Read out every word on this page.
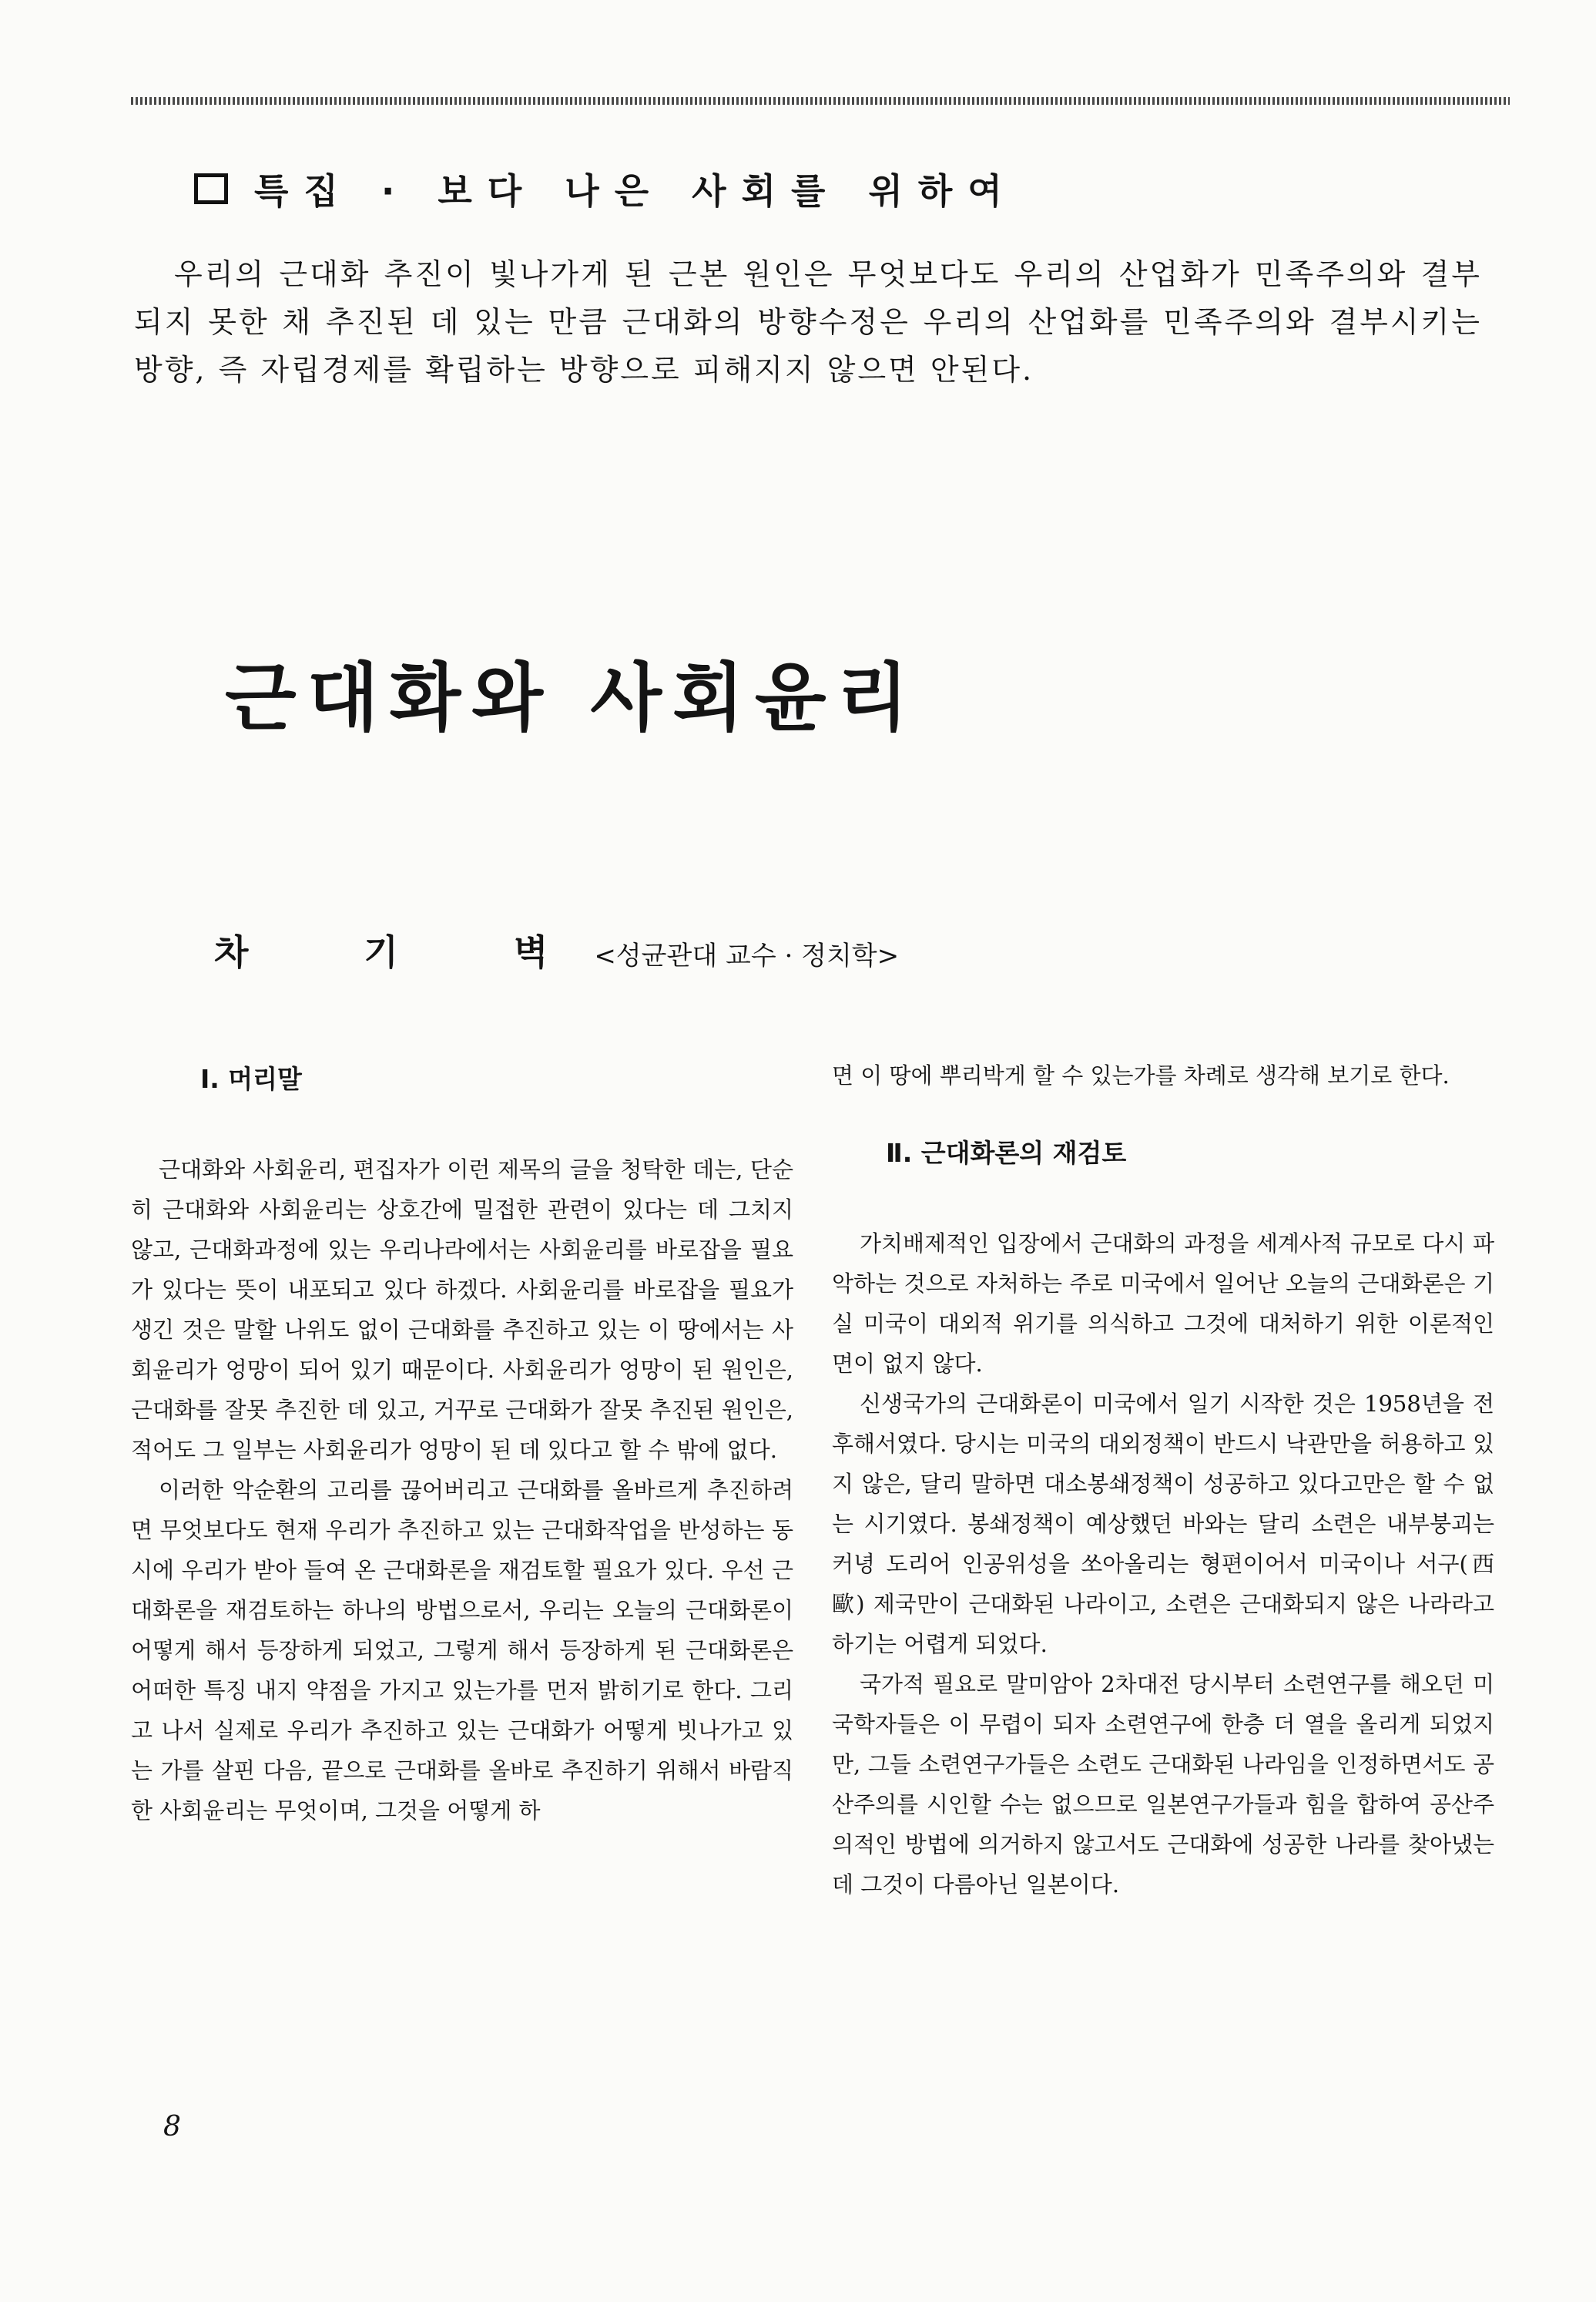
특집 · 보다 나은 사회를 위하여
우리의 근대화 추진이 빛나가게 된 근본 원인은 무엇보다도 우리의 산업화가 민족주의와 결부되지 못한 채 추진된 데 있는 만큼 근대화의 방향수정은 우리의 산업화를 민족주의와 결부시키는 방향, 즉 자립경제를 확립하는 방향으로 피해지지 않으면 안된다.
근대화와 사회윤리
차기벽
<성균관대 교수 · 정치학>
Ⅰ. 머리말

근대화와 사회윤리, 편집자가 이런 제목의 글을 청탁한 데는, 단순히 근대화와 사회윤리는 상호간에 밀접한 관련이 있다는 데 그치지 않고, 근대화과정에 있는 우리나라에서는 사회윤리를 바로잡을 필요가 있다는 뜻이 내포되고 있다 하겠다. 사회윤리를 바로잡을 필요가 생긴 것은 말할 나위도 없이 근대화를 추진하고 있는 이 땅에서는 사회윤리가 엉망이 되어 있기 때문이다. 사회윤리가 엉망이 된 원인은, 근대화를 잘못 추진한 데 있고, 거꾸로 근대화가 잘못 추진된 원인은, 적어도 그 일부는 사회윤리가 엉망이 된 데 있다고 할 수 밖에 없다.

이러한 악순환의 고리를 끊어버리고 근대화를 올바르게 추진하려면 무엇보다도 현재 우리가 추진하고 있는 근대화작업을 반성하는 동시에 우리가 받아 들여 온 근대화론을 재검토할 필요가 있다. 우선 근대화론을 재검토하는 하나의 방법으로서, 우리는 오늘의 근대화론이 어떻게 해서 등장하게 되었고, 그렇게 해서 등장하게 된 근대화론은 어떠한 특징 내지 약점을 가지고 있는가를 먼저 밝히기로 한다. 그리고 나서 실제로 우리가 추진하고 있는 근대화가 어떻게 빗나가고 있는 가를 살핀 다음, 끝으로 근대화를 올바로 추진하기 위해서 바람직한 사회윤리는 무엇이며, 그것을 어떻게 하

면 이 땅에 뿌리박게 할 수 있는가를 차례로 생각해 보기로 한다.

Ⅱ. 근대화론의 재검토

가치배제적인 입장에서 근대화의 과정을 세계사적 규모로 다시 파악하는 것으로 자처하는 주로 미국에서 일어난 오늘의 근대화론은 기실 미국이 대외적 위기를 의식하고 그것에 대처하기 위한 이론적인 면이 없지 않다.

신생국가의 근대화론이 미국에서 일기 시작한 것은 1958년을 전후해서였다. 당시는 미국의 대외정책이 반드시 낙관만을 허용하고 있지 않은, 달리 말하면 대소봉쇄정책이 성공하고 있다고만은 할 수 없는 시기였다. 봉쇄정책이 예상했던 바와는 달리 소련은 내부붕괴는 커녕 도리어 인공위성을 쏘아올리는 형편이어서 미국이나 서구(西歐) 제국만이 근대화된 나라이고, 소련은 근대화되지 않은 나라라고 하기는 어렵게 되었다.

국가적 필요로 말미암아 2차대전 당시부터 소련연구를 해오던 미국학자들은 이 무렵이 되자 소련연구에 한층 더 열을 올리게 되었지만, 그들 소련연구가들은 소련도 근대화된 나라임을 인정하면서도 공산주의를 시인할 수는 없으므로 일본연구가들과 힘을 합하여 공산주의적인 방법에 의거하지 않고서도 근대화에 성공한 나라를 찾아냈는데 그것이 다름아닌 일본이다.

8
